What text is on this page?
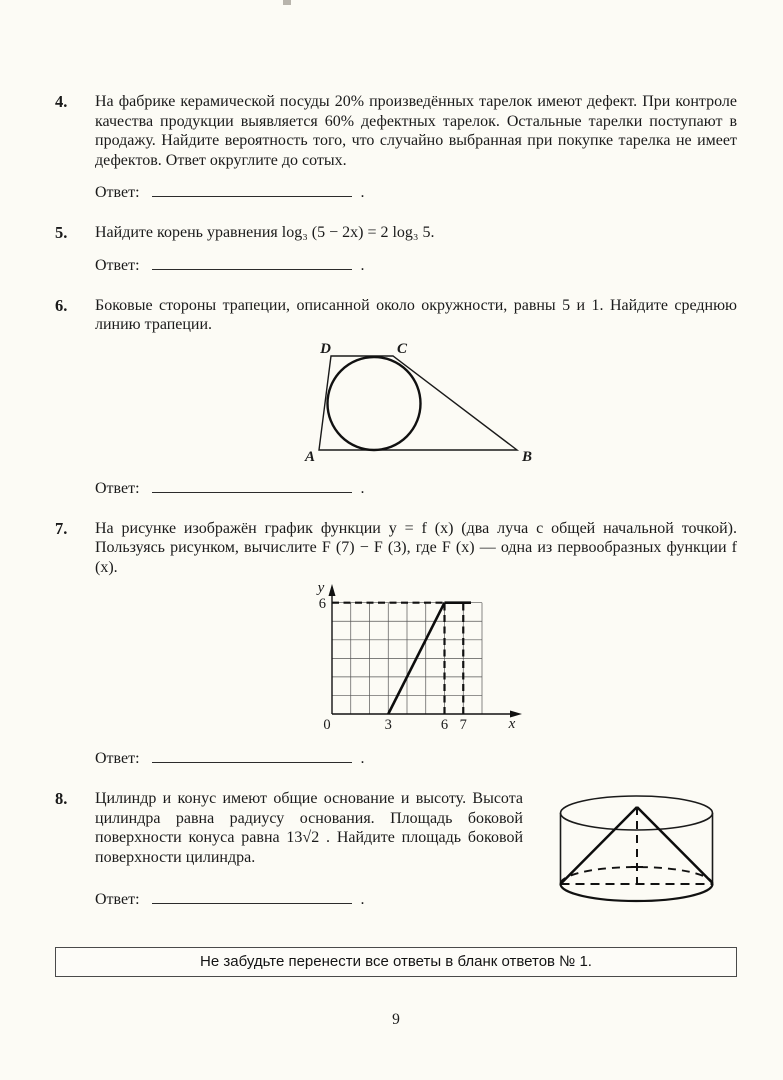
4.	На фабрике керамической посуды 20% произведённых тарелок имеют дефект. При контроле качества продукции выявляется 60% дефектных тарелок. Остальные тарелки поступают в продажу. Найдите вероятность того, что случайно выбранная при покупке тарелка не имеет дефектов. Ответ округлите до сотых.

Ответ:	.
5.	Найдите корень уравнения log₃ (5 − 2x) = 2 log₃ 5.

Ответ:	.
6.	Боковые стороны трапеции, описанной около окружности, равны 5 и 1. Найдите среднюю линию трапеции.

D	C
A	B
Ответ:	.
7.	На рисунке изображён график функции y = f (x) (два луча с общей начальной точкой). Пользуясь рисунком, вычислите F (7) − F (3), где F (x) — одна из первообразных функции f (x).

y
6
0	3	6 7	x
Ответ:	.
8.	Цилиндр и конус имеют общие основание и высоту. Высота цилиндра равна радиусу основания. Площадь боковой поверхности конуса равна 13√2 . Найдите площадь боковой поверхности цилиндра.

Ответ:	.
Не забудьте перенести все ответы в бланк ответов № 1.
9
